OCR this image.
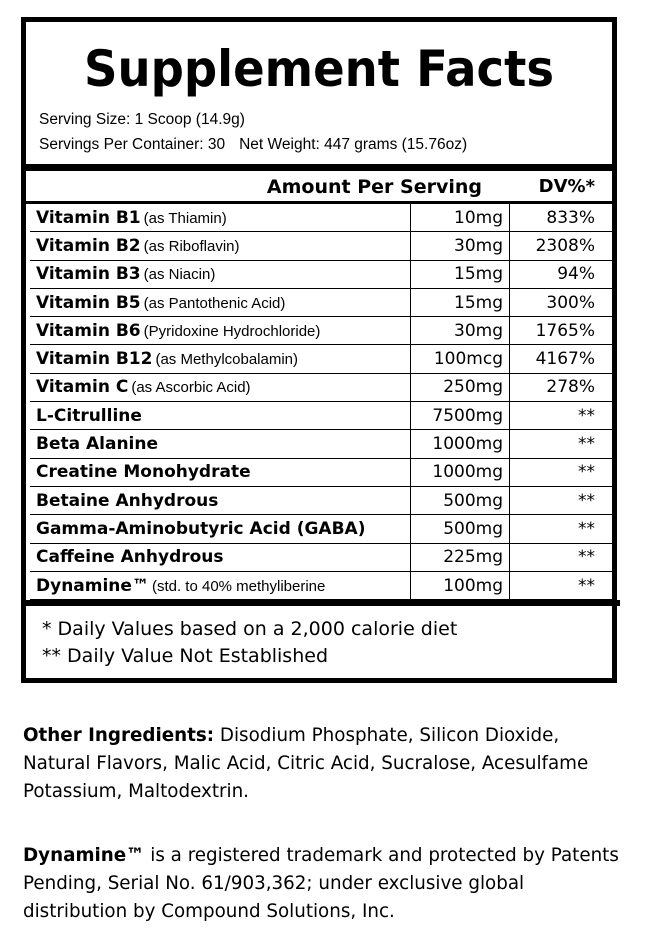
Supplement Facts
Serving Size: 1 Scoop (14.9g)
Servings Per Container: 30 Net Weight: 447 grams (15.76oz)
Amount Per Serving	DV%*
Vitamin B1 (as Thiamin)	10mg	833%
Vitamin B2 (as Riboflavin)	30mg	2308%
Vitamin B3 (as Niacin)	15mg	94%
Vitamin B5 (as Pantothenic Acid)	15mg	300%
Vitamin B6 (Pyridoxine Hydrochloride)	30mg	1765%
Vitamin B12 (as Methylcobalamin)	100mcg	4167%
Vitamin C (as Ascorbic Acid)	250mg	278%
L-Citrulline	7500mg	**
Beta Alanine	1000mg	**
Creatine Monohydrate	1000mg	**
Betaine Anhydrous	500mg	**
Gamma-Aminobutyric Acid (GABA)	500mg	**
Caffeine Anhydrous	225mg	**
Dynamine™ (std. to 40% methyliberine	100mg	**
* Daily Values based on a 2,000 calorie diet
** Daily Value Not Established
Other Ingredients: Disodium Phosphate, Silicon Dioxide, Natural Flavors, Malic Acid, Citric Acid, Sucralose, Acesulfame Potassium, Maltodextrin.
Dynamine™ is a registered trademark and protected by Patents Pending, Serial No. 61/903,362; under exclusive global distribution by Compound Solutions, Inc.
